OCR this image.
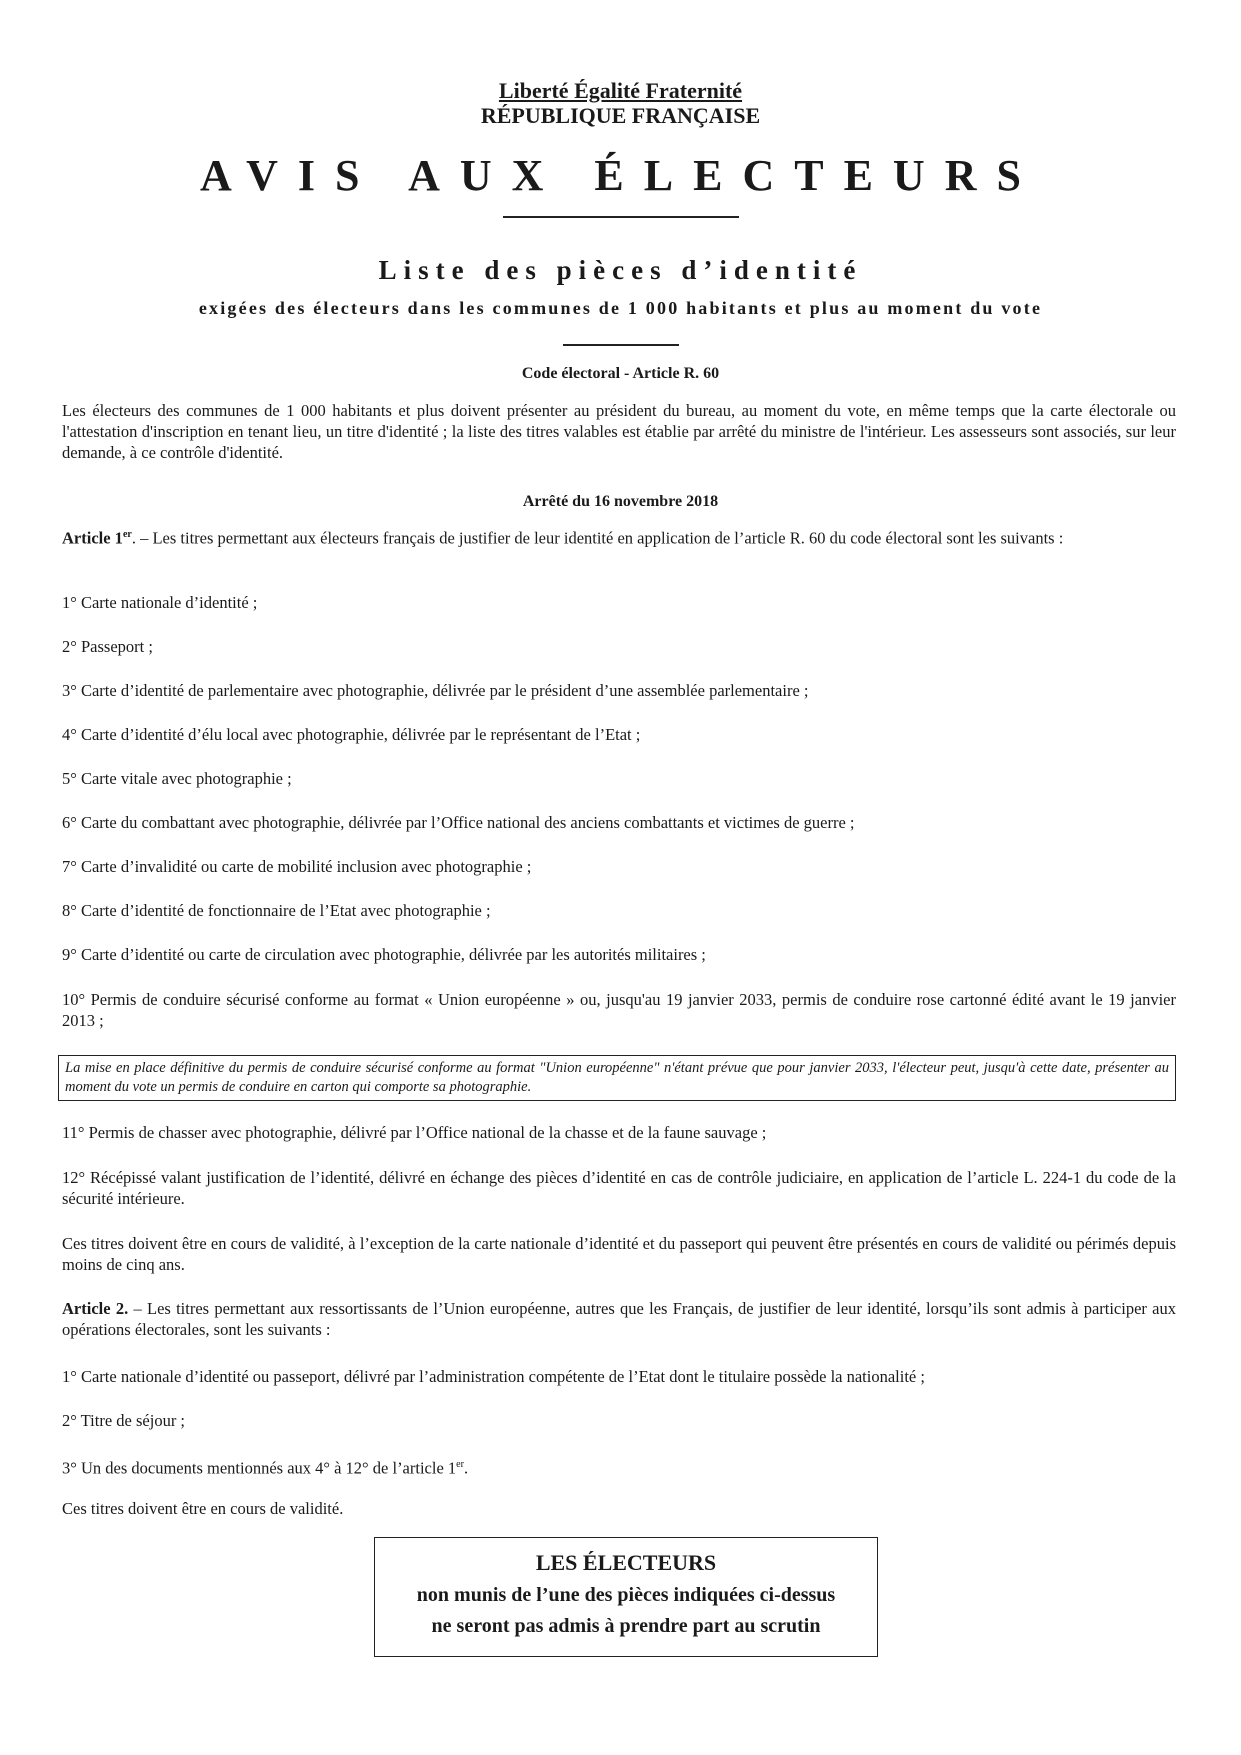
Liberté Égalité Fraternité
RÉPUBLIQUE FRANÇAISE
AVIS AUX ÉLECTEURS
Liste des pièces d’identité
exigées des électeurs dans les communes de 1 000 habitants et plus au moment du vote
Code électoral - Article R. 60
Les électeurs des communes de 1 000 habitants et plus doivent présenter au président du bureau, au moment du vote, en même temps que la carte électorale ou l'attestation d'inscription en tenant lieu, un titre d'identité ; la liste des titres valables est établie par arrêté du ministre de l'intérieur. Les assesseurs sont associés, sur leur demande, à ce contrôle d'identité.
Arrêté du 16 novembre 2018
Article 1er. – Les titres permettant aux électeurs français de justifier de leur identité en application de l’article R. 60 du code électoral sont les suivants :
1° Carte nationale d’identité ;
2° Passeport ;
3° Carte d’identité de parlementaire avec photographie, délivrée par le président d’une assemblée parlementaire ;
4° Carte d’identité d’élu local avec photographie, délivrée par le représentant de l’Etat ;
5° Carte vitale avec photographie ;
6° Carte du combattant avec photographie, délivrée par l’Office national des anciens combattants et victimes de guerre ;
7° Carte d’invalidité ou carte de mobilité inclusion avec photographie ;
8° Carte d’identité de fonctionnaire de l’Etat avec photographie ;
9° Carte d’identité ou carte de circulation avec photographie, délivrée par les autorités militaires ;
10° Permis de conduire sécurisé conforme au format « Union européenne » ou, jusqu'au 19 janvier 2033, permis de conduire rose cartonné édité avant le 19 janvier 2013 ;
La mise en place définitive du permis de conduire sécurisé conforme au format "Union européenne" n'étant prévue que pour janvier 2033, l'électeur peut, jusqu'à cette date, présenter au moment du vote un permis de conduire en carton qui comporte sa photographie.
11° Permis de chasser avec photographie, délivré par l’Office national de la chasse et de la faune sauvage ;
12° Récépissé valant justification de l’identité, délivré en échange des pièces d’identité en cas de contrôle judiciaire, en application de l’article L. 224-1 du code de la sécurité intérieure.
Ces titres doivent être en cours de validité, à l’exception de la carte nationale d’identité et du passeport qui peuvent être présentés en cours de validité ou périmés depuis moins de cinq ans.
Article 2. – Les titres permettant aux ressortissants de l’Union européenne, autres que les Français, de justifier de leur identité, lorsqu’ils sont admis à participer aux opérations électorales, sont les suivants :
1° Carte nationale d’identité ou passeport, délivré par l’administration compétente de l’Etat dont le titulaire possède la nationalité ;
2° Titre de séjour ;
3° Un des documents mentionnés aux 4° à 12° de l’article 1er.
Ces titres doivent être en cours de validité.
LES ÉLECTEURS
non munis de l’une des pièces indiquées ci-dessus
ne seront pas admis à prendre part au scrutin
